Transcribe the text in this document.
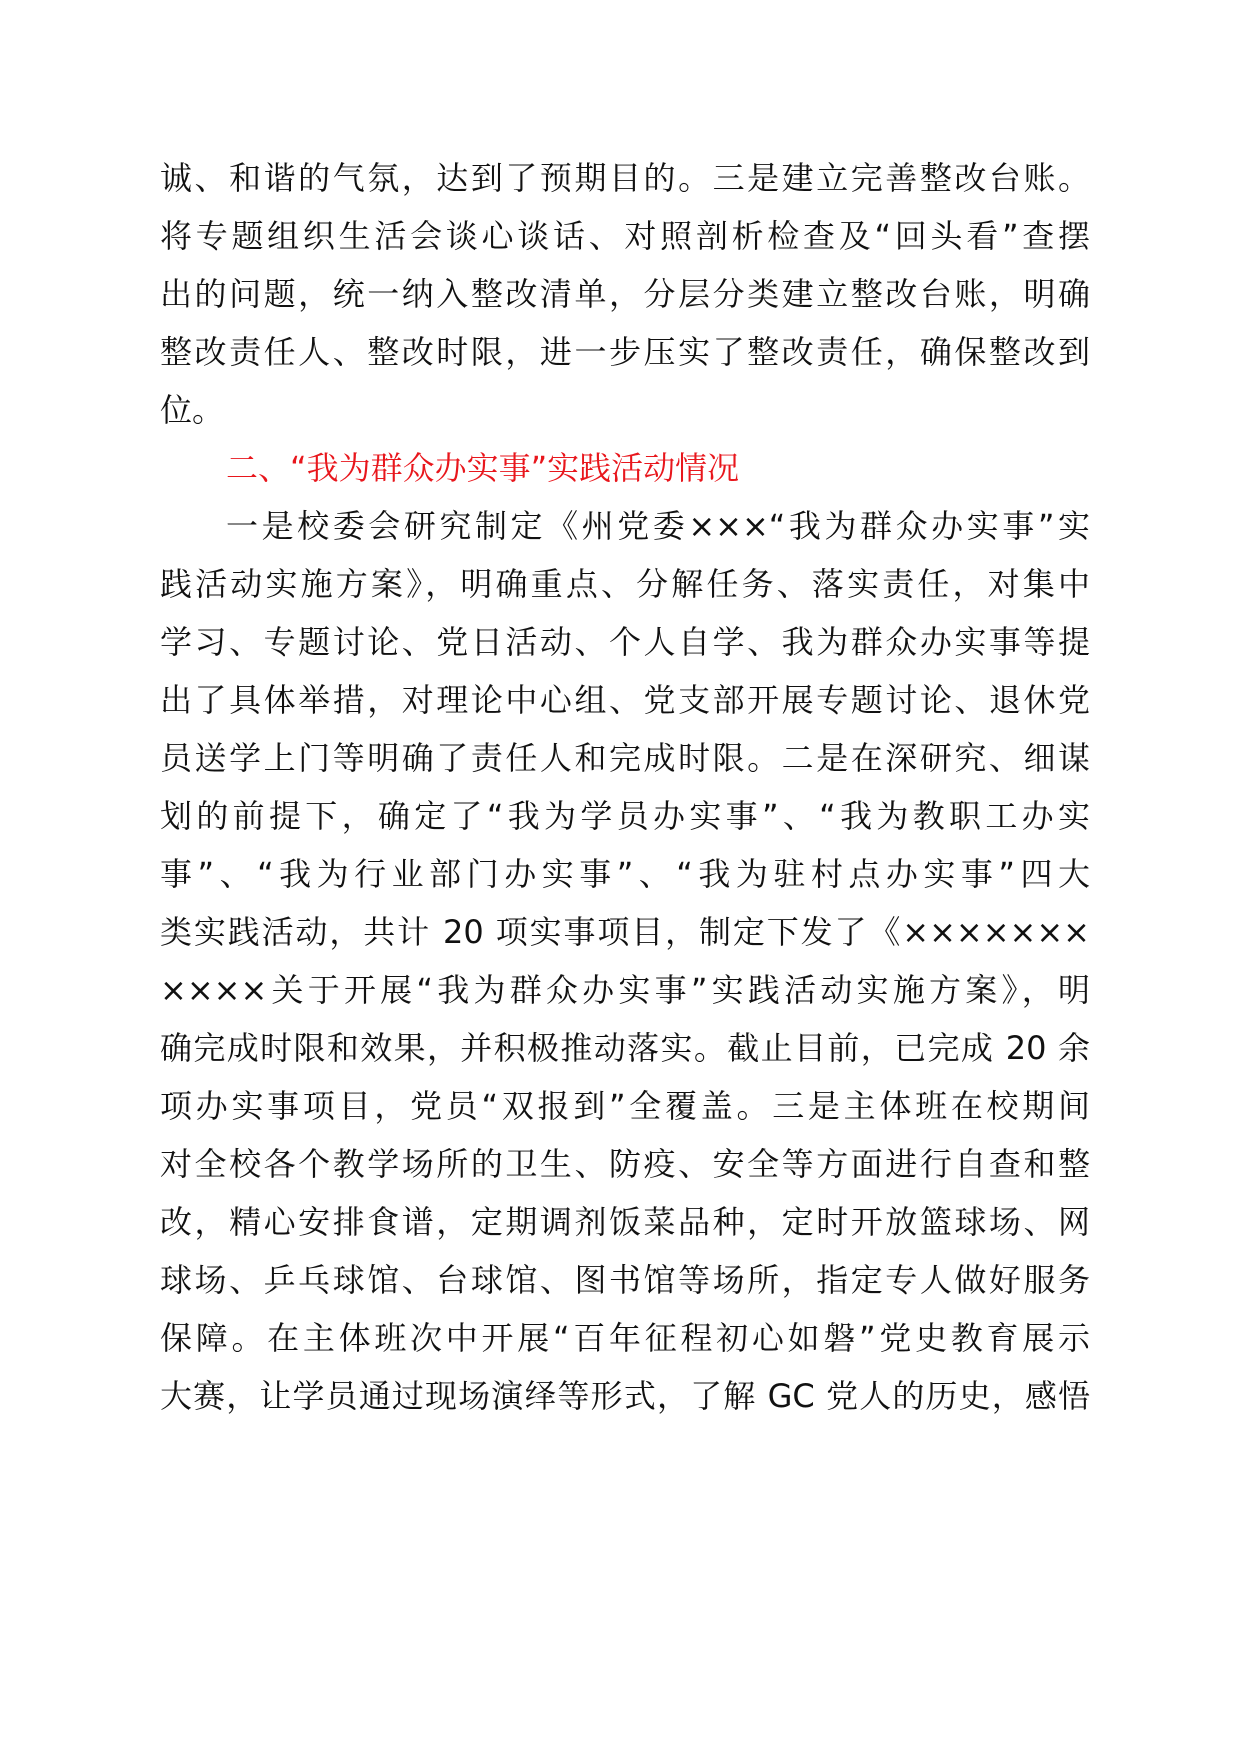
诚、和谐的气氛，达到了预期目的。三是建立完善整改台账。
将专题组织生活会谈心谈话、对照剖析检查及“回头看”查摆
出的问题，统一纳入整改清单，分层分类建立整改台账，明确
整改责任人、整改时限，进一步压实了整改责任，确保整改到
位。
二、“我为群众办实事”实践活动情况
一是校委会研究制定《州党委×××“我为群众办实事”实
践活动实施方案》，明确重点、分解任务、落实责任，对集中
学习、专题讨论、党日活动、个人自学、我为群众办实事等提
出了具体举措，对理论中心组、党支部开展专题讨论、退休党
员送学上门等明确了责任人和完成时限。二是在深研究、细谋
划的前提下，确定了“我为学员办实事”、“我为教职工办实
事”、“我为行业部门办实事”、“我为驻村点办实事”四大
类实践活动，共计 20 项实事项目，制定下发了《×××××××
××××关于开展“我为群众办实事”实践活动实施方案》，明
确完成时限和效果，并积极推动落实。截止目前，已完成 20 余
项办实事项目，党员“双报到”全覆盖。三是主体班在校期间
对全校各个教学场所的卫生、防疫、安全等方面进行自查和整
改，精心安排食谱，定期调剂饭菜品种，定时开放篮球场、网
球场、乒乓球馆、台球馆、图书馆等场所，指定专人做好服务
保障。在主体班次中开展“百年征程初心如磐”党史教育展示
大赛，让学员通过现场演绎等形式，了解 GC 党人的历史，感悟
